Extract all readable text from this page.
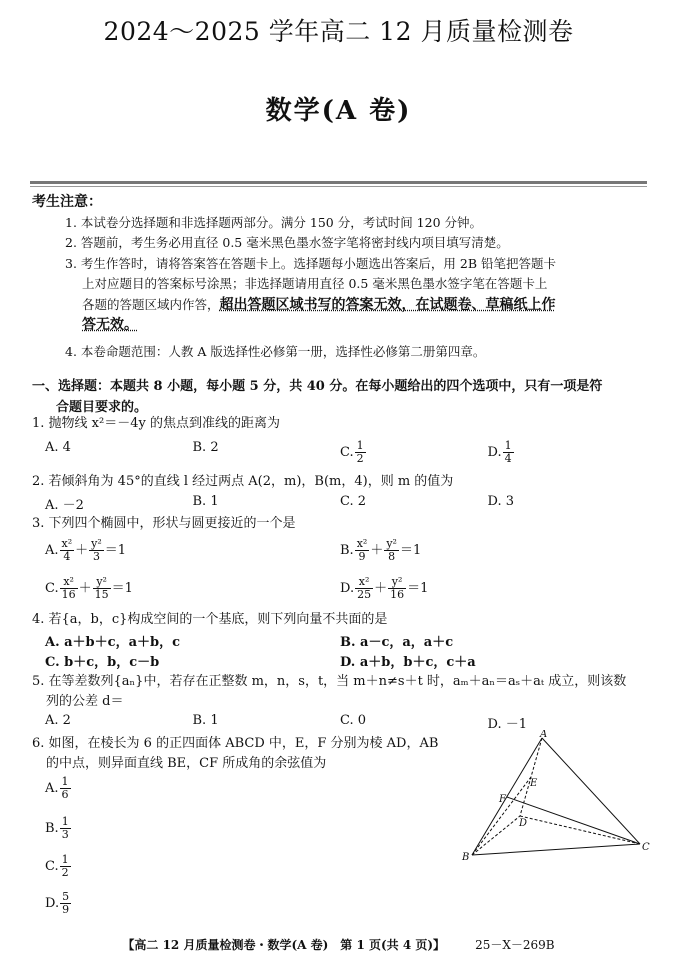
2024～2025 学年高二 12 月质量检测卷
数学(A 卷)
考生注意：
1. 本试卷分选择题和非选择题两部分。满分 150 分，考试时间 120 分钟。
2. 答题前，考生务必用直径 0.5 毫米黑色墨水签字笔将密封线内项目填写清楚。
3. 考生作答时，请将答案答在答题卡上。选择题每小题选出答案后，用 2B 铅笔把答题卡
上对应题目的答案标号涂黑；非选择题请用直径 0.5 毫米黑色墨水签字笔在答题卡上
各题的答题区域内作答，超出答题区域书写的答案无效，在试题卷、草稿纸上作
答无效。
4. 本卷命题范围：人教 A 版选择性必修第一册，选择性必修第二册第四章。
一、选择题：本题共 8 小题，每小题 5 分，共 40 分。在每小题给出的四个选项中，只有一项是符
合题目要求的。
1. 抛物线 x²＝－4y 的焦点到准线的距离为
A. 4	B. 2	C. $\frac{1}{2}$	D. $\frac{1}{4}$
2. 若倾斜角为 45°的直线 l 经过两点 A(2，m)，B(m，4)，则 m 的值为
A. －2	B. 1	C. 2	D. 3
3. 下列四个椭圆中，形状与圆更接近的一个是
A. $\frac{\text{x²}}{4} + \frac{\text{y²}}{3} =1$	B. $\frac{\text{x²}}{9} + \frac{\text{y²}}{8} =1$
C. $\frac{\text{x²}}{16} + \frac{\text{y²}}{15} =1$	D. $\frac{\text{x²}}{25} + \frac{\text{y²}}{16} =1$
4. 若{a，b，c}构成空间的一个基底，则下列向量不共面的是
A. a＋b＋c，a＋b，c	B. a－c，a，a＋c
C. b＋c，b，c－b	D. a＋b，b＋c，c＋a
5. 在等差数列{aₙ}中，若存在正整数 m，n，s，t，当 m＋n≠s＋t 时，aₘ＋aₙ＝aₛ＋aₜ 成立，则该数
列的公差 d＝
A. 2	B. 1	C. 0	D. －1
6. 如图，在棱长为 6 的正四面体 ABCD 中，E，F 分别为棱 AD，AB
的中点，则异面直线 BE，CF 所成角的余弦值为
A. $\frac{1}{6}$
B. $\frac{1}{3}$
C. $\frac{1}{2}$
D. $\frac{5}{9}$
A
B
C
D
E
F
【高二 12 月质量检测卷・数学(A 卷)　第 1 页(共 4 页)】	25－X－269B
